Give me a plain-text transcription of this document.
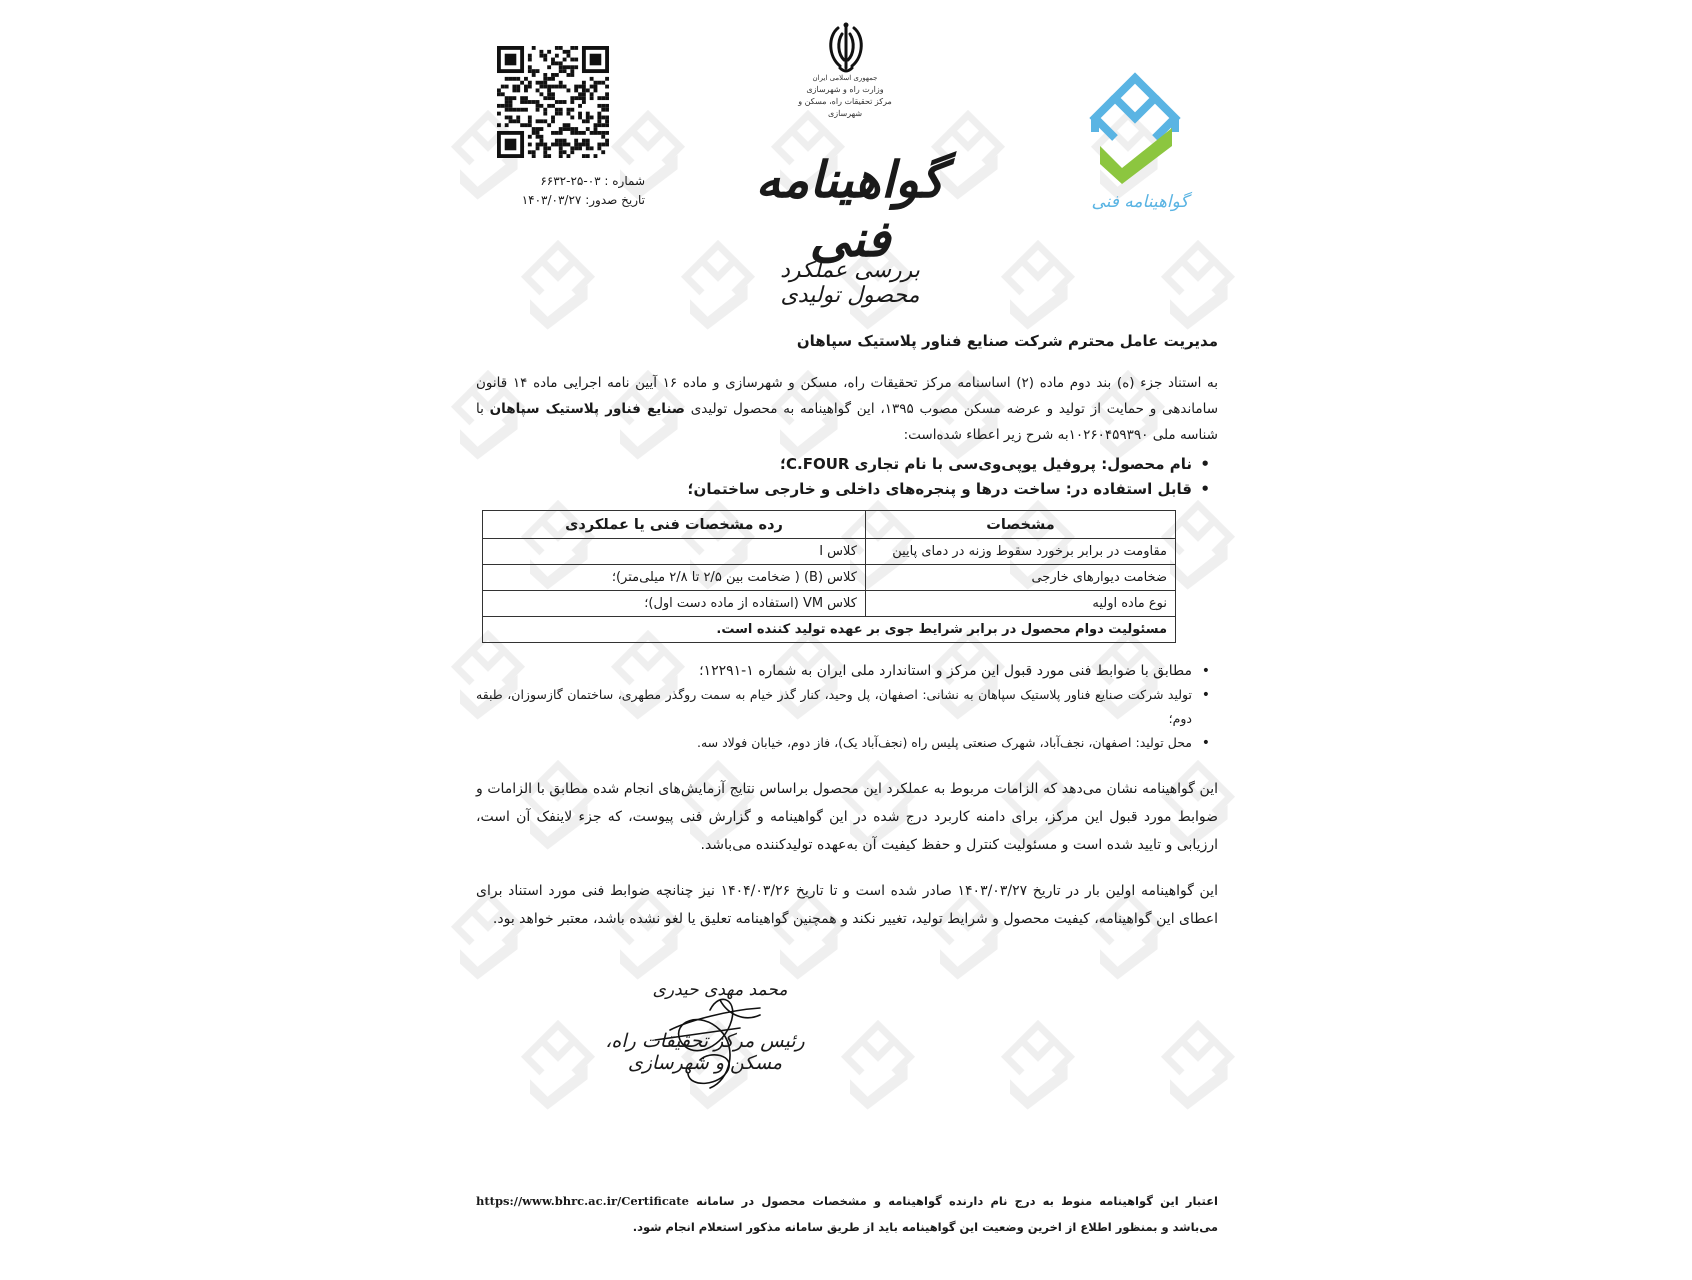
شماره : ۰۳-۲۵-۶۶۳۲
تاریخ صدور: ۱۴۰۳/۰۳/۲۷
جمهوری اسلامی ایران
وزارت راه و شهرسازی
مرکز تحقیقات راه، مسکن و شهرسازی
گواهینامه فنی
بررسی عملکرد محصول تولیدی
گواهینامه فنی
مدیریت عامل محترم شرکت صنایع فناور پلاستیک سپاهان

به استناد جزء (ه) بند دوم ماده (۲) اساسنامه مرکز تحقیقات راه، مسکن و شهرسازی و ماده ۱۶ آیین نامه اجرایی ماده ۱۴ قانون ساماندهی و حمایت از تولید و عرضه مسکن مصوب ۱۳۹۵، این گواهینامه به محصول تولیدی صنایع فناور پلاستیک سپاهان با شناسه ملی ۱۰۲۶۰۴۵۹۳۹۰به شرح زیر اعطاء شده‌است:

• نام محصول: پروفیل یوپی‌وی‌سی با نام تجاری C.FOUR؛
• قابل استفاده در: ساخت درها و پنجره‌های داخلی و خارجی ساختمان؛
مشخصات	رده مشخصات فنی یا عملکردی
مقاومت در برابر برخورد سقوط وزنه در دمای پایین	کلاس I
ضخامت دیوارهای خارجی	کلاس (B) ( ضخامت بین ۲/۵ تا ۲/۸ میلی‌متر)؛
نوع ماده اولیه	کلاس VM (استفاده از ماده دست اول)؛
مسئولیت دوام محصول در برابر شرایط جوی بر عهده تولید کننده است.	
• مطابق با ضوابط فنی مورد قبول این مرکز و استاندارد ملی ایران به شماره ۱-۱۲۲۹۱؛
• تولید شرکت صنایع فناور پلاستیک سپاهان به نشانی: اصفهان، پل وحید، کنار گذر خیام به سمت روگذر مطهری، ساختمان گازسوزان، طبقه دوم؛
• محل تولید: اصفهان، نجف‌آباد، شهرک صنعتی پلیس راه (نجف‌آباد یک)، فاز دوم، خیابان فولاد سه.

این گواهینامه نشان می‌دهد که الزامات مربوط به عملکرد این محصول براساس نتایج آزمایش‌های انجام شده مطابق با الزامات و ضوابط مورد قبول این مرکز، برای دامنه کاربرد درج شده در این گواهینامه و گزارش فنی پیوست، که جزء لاینفک آن است، ارزیابی و تایید شده است و مسئولیت کنترل و حفظ کیفیت آن به‌عهده تولیدکننده می‌باشد.

این گواهینامه اولین بار در تاریخ ۱۴۰۳/۰۳/۲۷ صادر شده است و تا تاریخ ۱۴۰۴/۰۳/۲۶ نیز چنانچه ضوابط فنی مورد استناد برای اعطای این گواهینامه، کیفیت محصول و شرایط تولید، تغییر نکند و همچنین گواهینامه تعلیق یا لغو نشده باشد، معتبر خواهد بود.

محمد مهدی حیدری
رئیس مرکز تحقیقات راه، مسکن و شهرسازی
اعتبار این گواهینامه منوط به درج نام دارنده گواهینامه و مشخصات محصول در سامانه https://www.bhrc.ac.ir/Certificate می‌باشد و بمنظور اطلاع از اخرین وضعیت این گواهینامه باید از طریق سامانه مذکور استعلام انجام شود.
